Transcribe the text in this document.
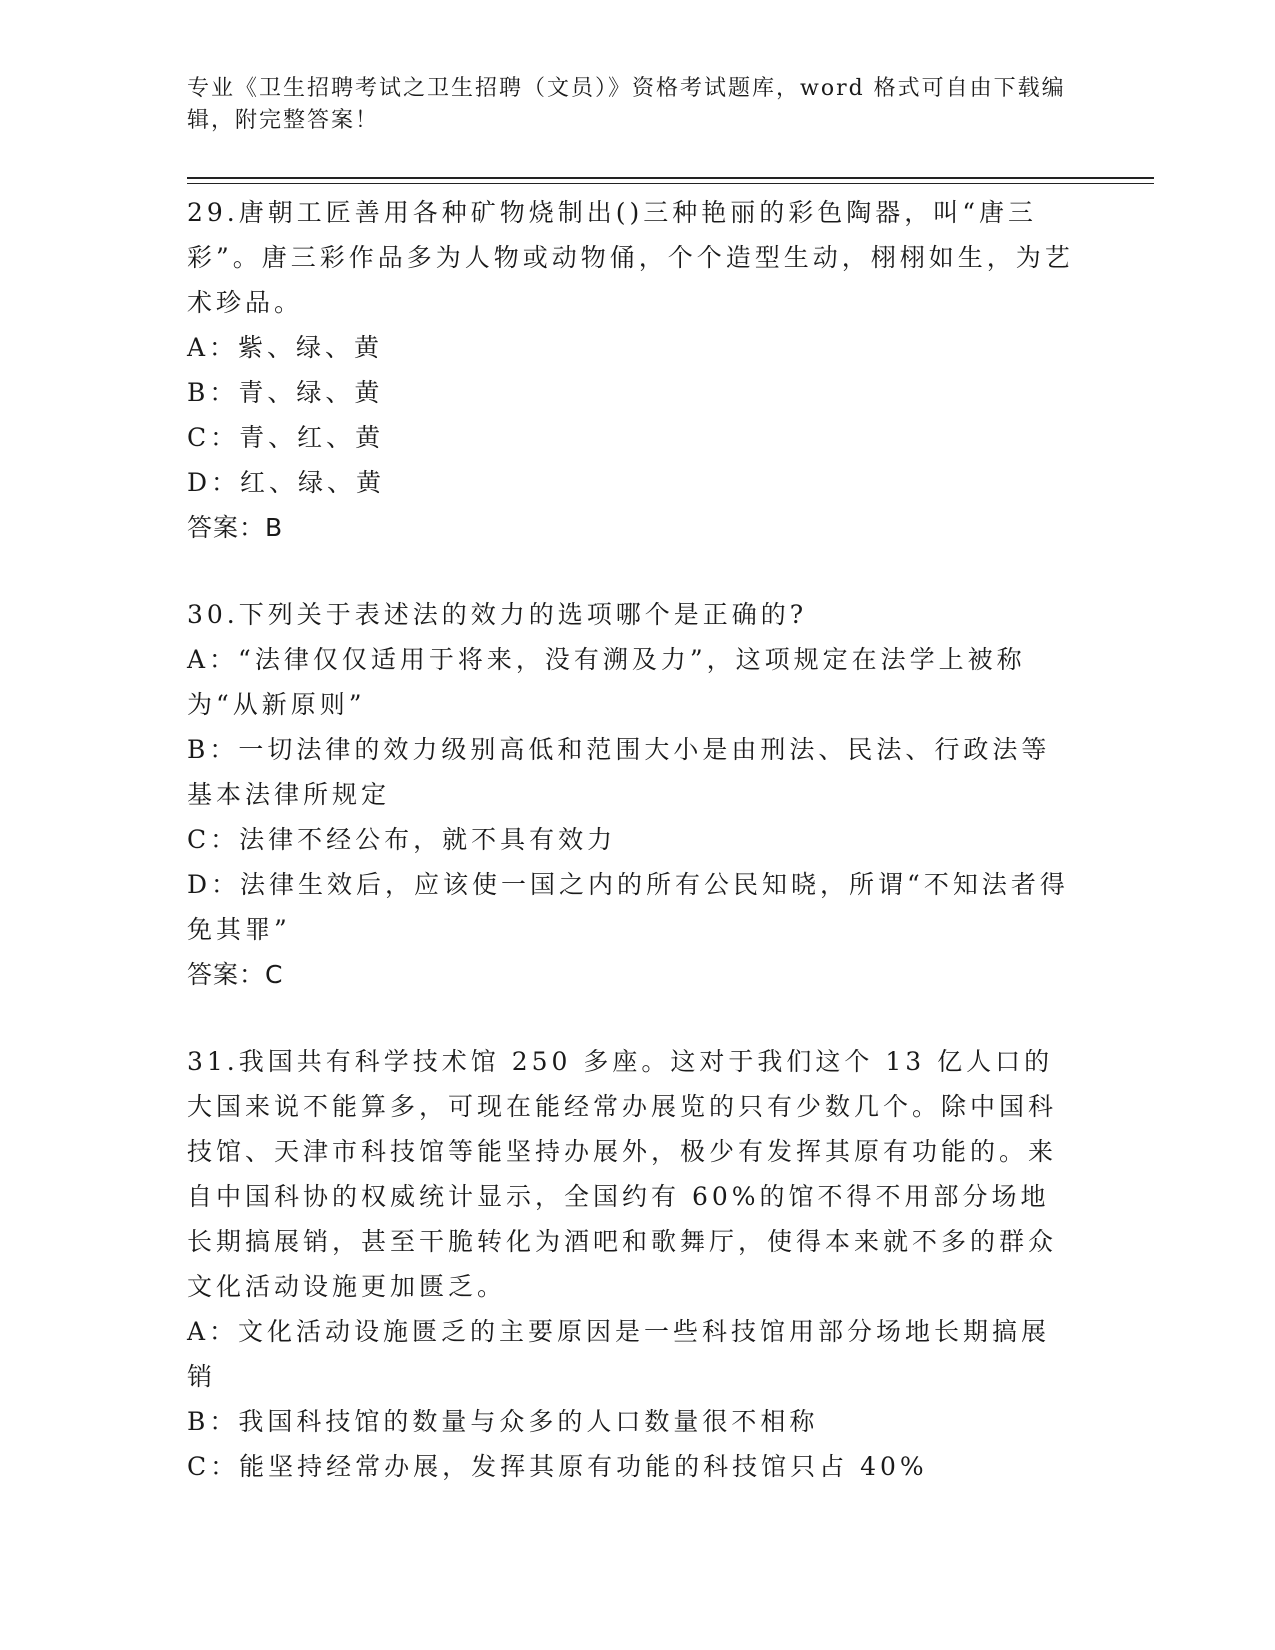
专业《卫生招聘考试之卫生招聘（文员）》资格考试题库，word 格式可自由下载编辑，附完整答案！

29.唐朝工匠善用各种矿物烧制出()三种艳丽的彩色陶器，叫“唐三彩”。唐三彩作品多为人物或动物俑，个个造型生动，栩栩如生，为艺术珍品。

A：紫、绿、黄

B：青、绿、黄

C：青、红、黄

D：红、绿、黄

答案：B

30.下列关于表述法的效力的选项哪个是正确的?

A：“法律仅仅适用于将来，没有溯及力”，这项规定在法学上被称为“从新原则”

B：一切法律的效力级别高低和范围大小是由刑法、民法、行政法等基本法律所规定

C：法律不经公布，就不具有效力

D：法律生效后，应该使一国之内的所有公民知晓，所谓“不知法者得免其罪”

答案：C

31.我国共有科学技术馆 250 多座。这对于我们这个 13 亿人口的大国来说不能算多，可现在能经常办展览的只有少数几个。除中国科技馆、天津市科技馆等能坚持办展外，极少有发挥其原有功能的。来自中国科协的权威统计显示，全国约有 60%的馆不得不用部分场地长期搞展销，甚至干脆转化为酒吧和歌舞厅，使得本来就不多的群众文化活动设施更加匮乏。

A：文化活动设施匮乏的主要原因是一些科技馆用部分场地长期搞展销

B：我国科技馆的数量与众多的人口数量很不相称

C：能坚持经常办展，发挥其原有功能的科技馆只占 40%
